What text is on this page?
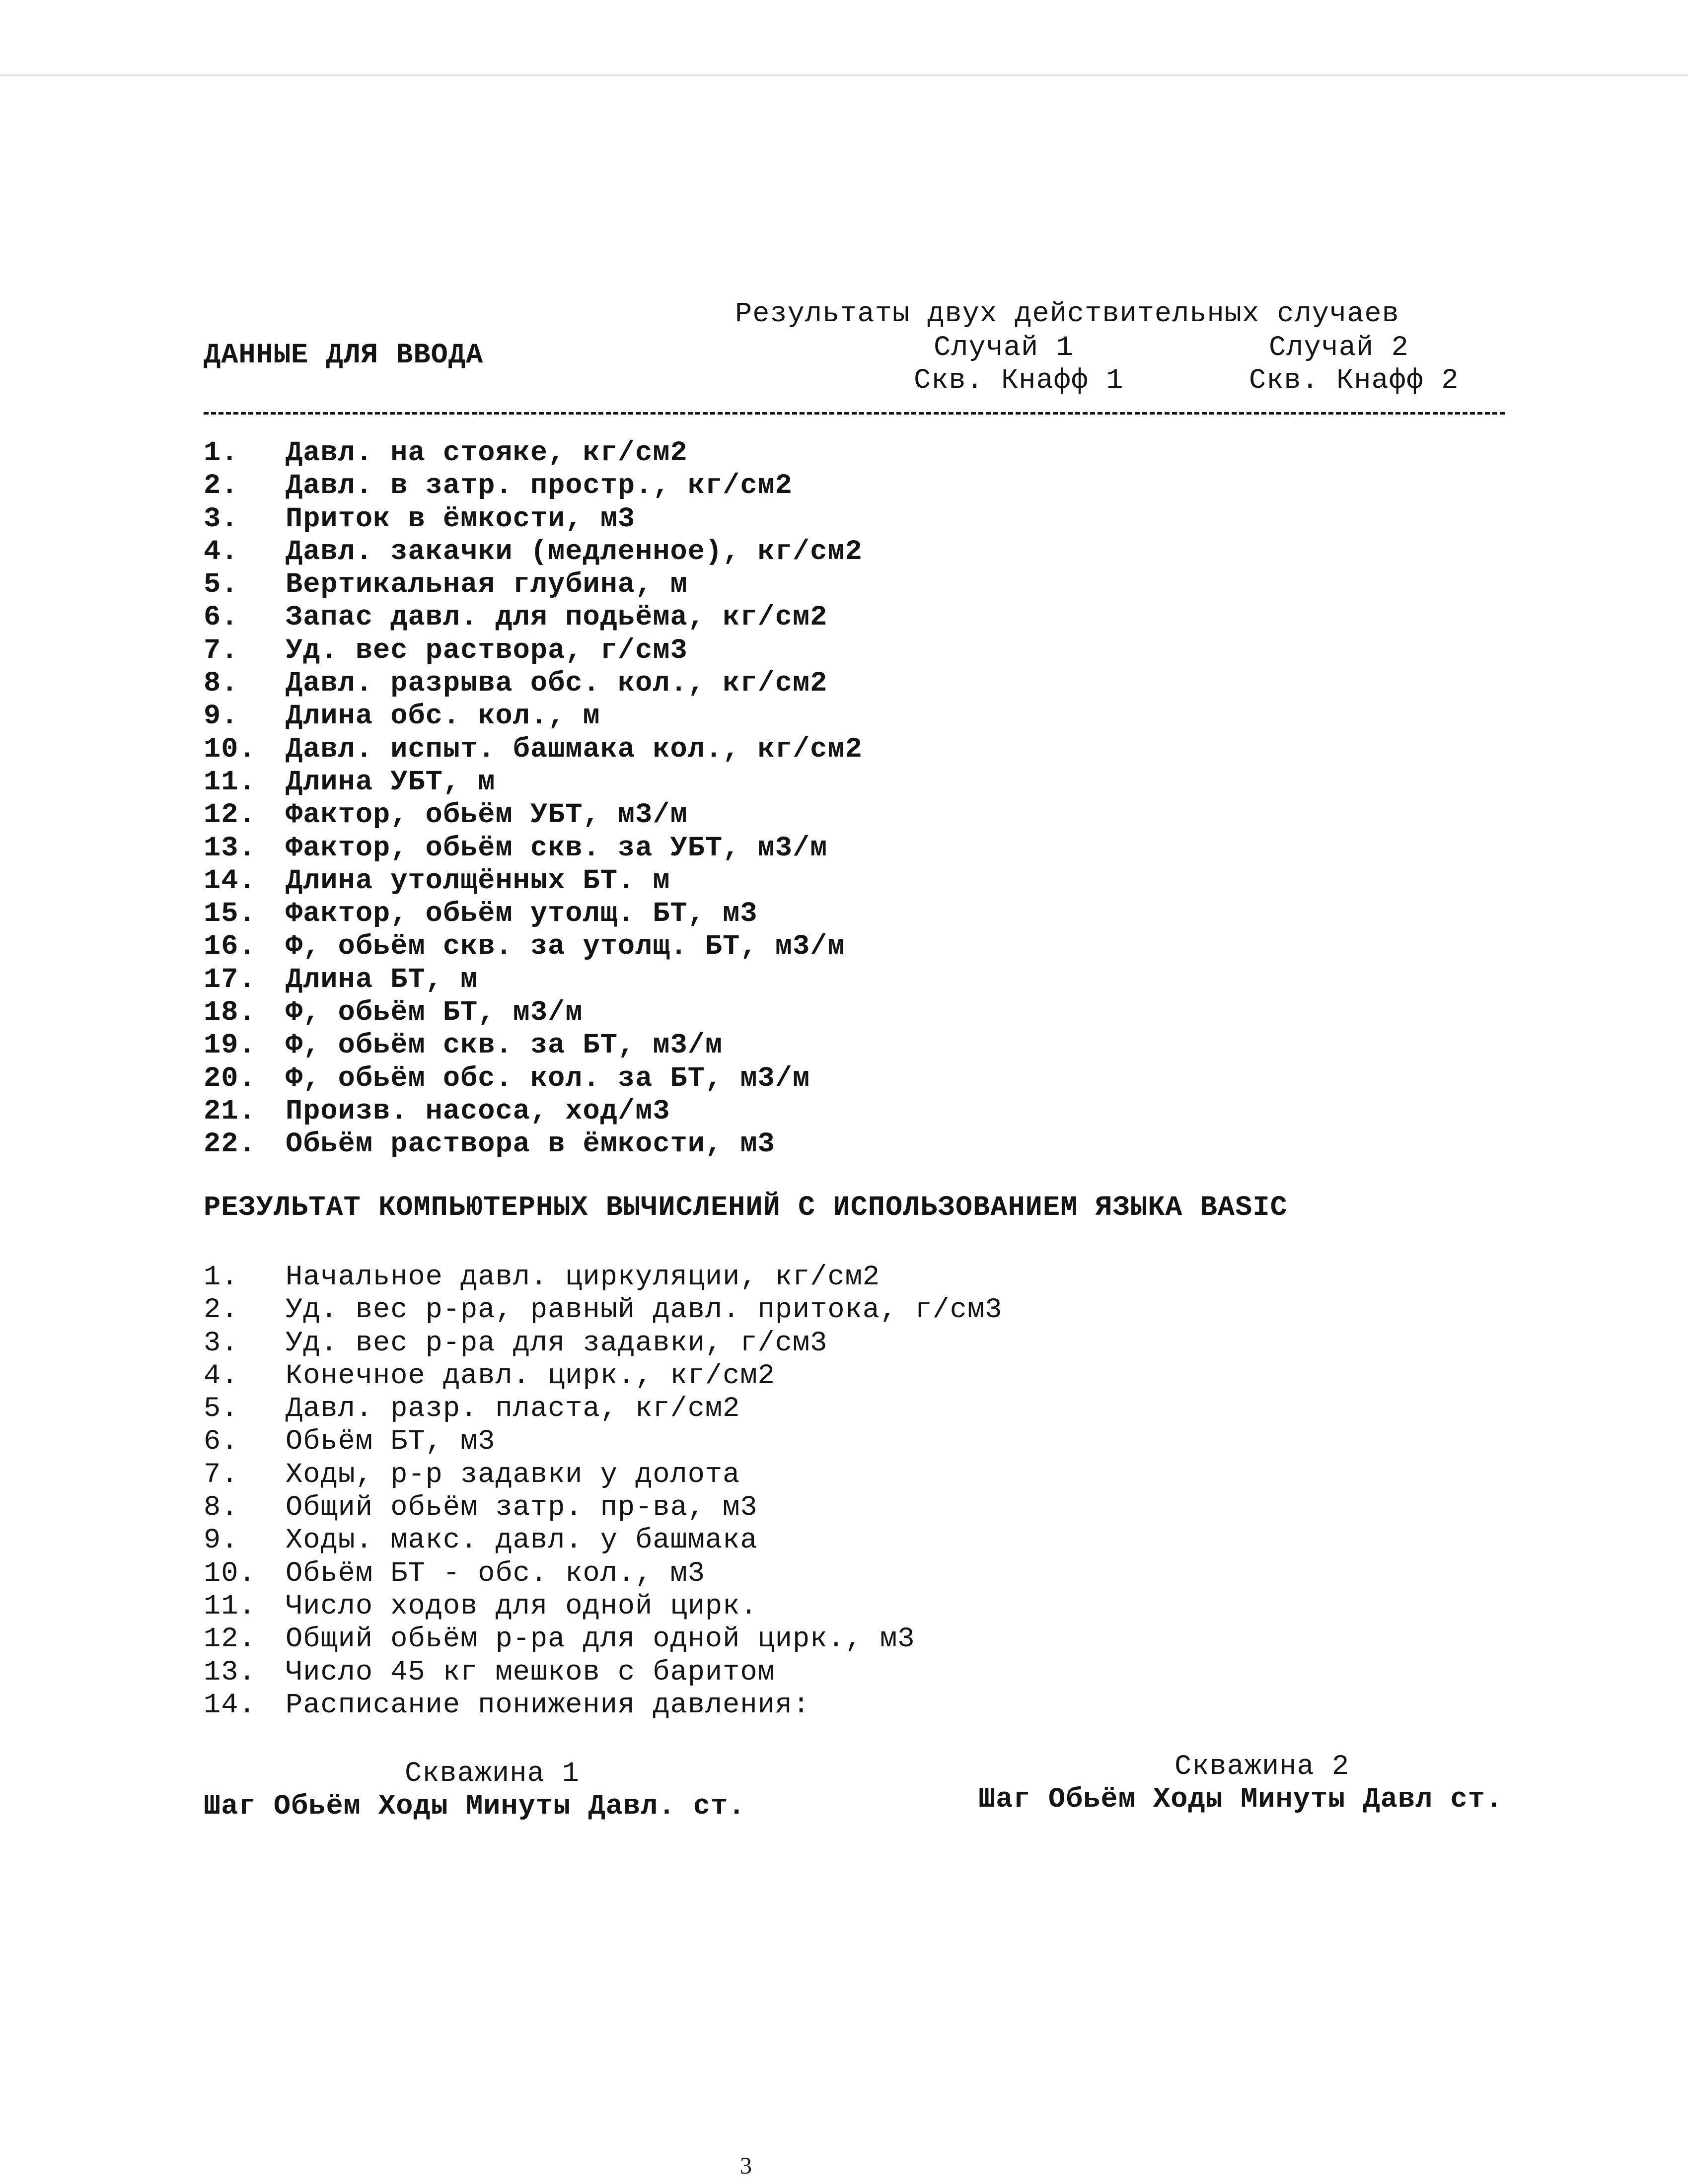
Результаты двух действительных случаев
Случай 1	Случай 2
ДАННЫЕ ДЛЯ ВВОДА
Скв. Кнафф 1	Скв. Кнафф 2
1.	Давл. на стояке, кг/см2
2.	Давл. в затр. простр., кг/см2
3.	Приток в ёмкости, м3
4.	Давл. закачки (медленное), кг/см2
5.	Вертикальная глубина, м
6.	Запас давл. для подьёма, кг/см2
7.	Уд. вес раствора, г/см3
8.	Давл. разрыва обс. кол., кг/см2
9.	Длина обс. кол., м
10.	Давл. испыт. башмака кол., кг/см2
11.	Длина УБТ, м
12.	Фактор, обьём УБТ, м3/м
13.	Фактор, обьём скв. за УБТ, м3/м
14.	Длина утолщённых БТ. м
15.	Фактор, обьём утолщ. БТ, м3
16.	Ф, обьём скв. за утолщ. БТ, м3/м
17.	Длина БТ, м
18.	Ф, обьём БТ, м3/м
19.	Ф, обьём скв. за БТ, м3/м
20.	Ф, обьём обс. кол. за БТ, м3/м
21.	Произв. насоса, ход/м3
22.	Обьём раствора в ёмкости, м3
РЕЗУЛЬТАТ КОМПЬЮТЕРНЫХ ВЫЧИСЛЕНИЙ С ИСПОЛЬЗОВАНИЕМ ЯЗЫКА BASIC
1.	Начальное давл. циркуляции, кг/см2
2.	Уд. вес р-ра, равный давл. притока, г/см3
3.	Уд. вес р-ра для задавки, г/см3
4.	Конечное давл. цирк., кг/см2
5.	Давл. разр. пласта, кг/см2
6.	Обьём БТ, м3
7.	Ходы, р-р задавки у долота
8.	Общий обьём затр. пр-ва, м3
9.	Ходы. макс. давл. у башмака
10.	Обьём БТ - обс. кол., м3
11.	Число ходов для одной цирк.
12.	Общий обьём р-ра для одной цирк., м3
13.	Число 45 кг мешков с баритом
14.	Расписание понижения давления:
Скважина 1
Шаг Обьём Ходы Минуты Давл. ст.
Скважина 2
Шаг Обьём Ходы Минуты Давл ст.
3
